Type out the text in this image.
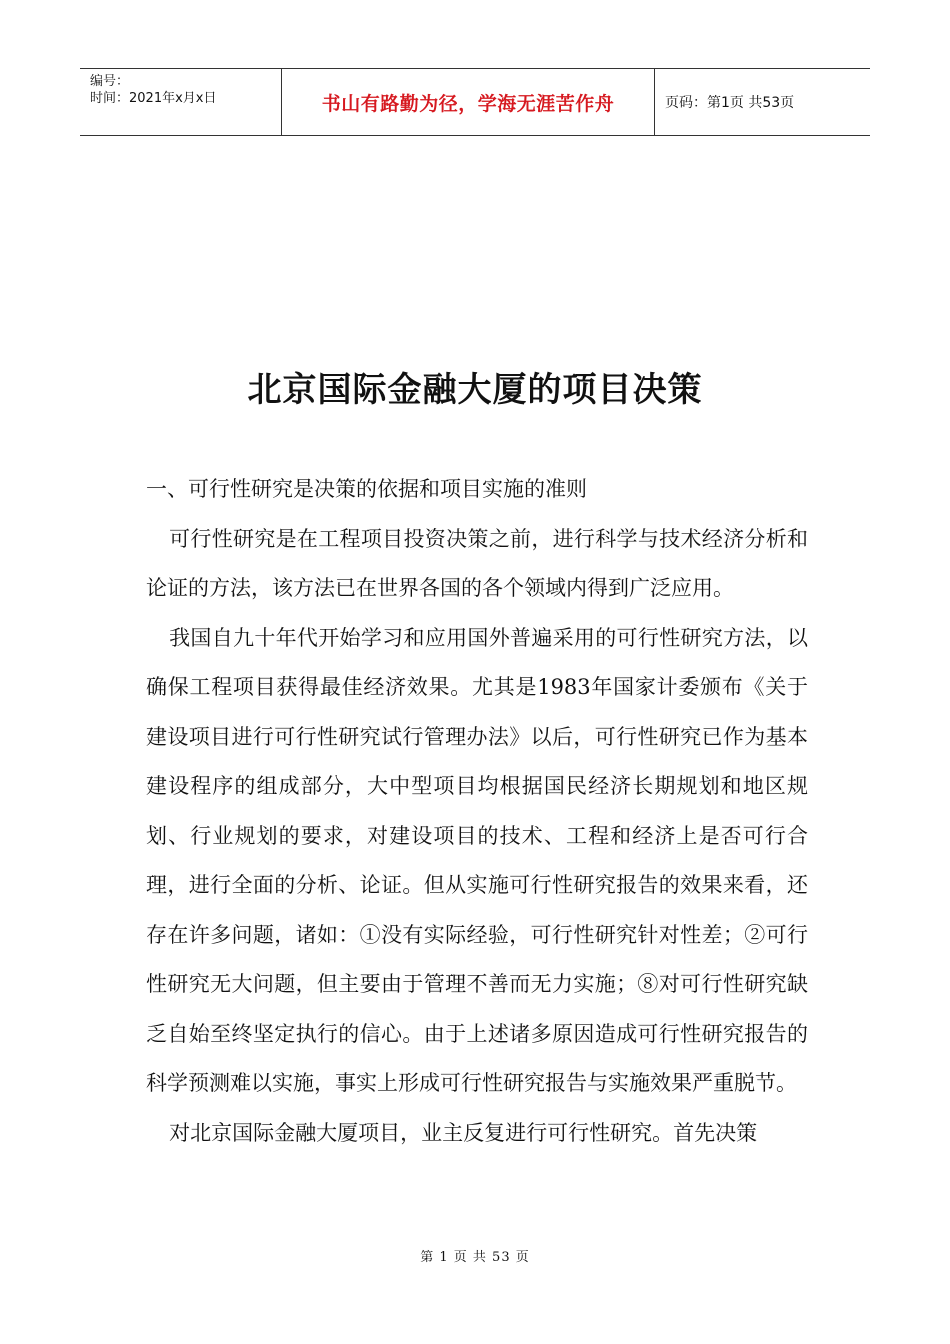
编号：
时间：2021年x月x日	书山有路勤为径，学海无涯苦作舟	页码：第1页 共53页
北京国际金融大厦的项目决策

一、可行性研究是决策的依据和项目实施的准则

可行性研究是在工程项目投资决策之前，进行科学与技术经济分析和论证的方法，该方法已在世界各国的各个领域内得到广泛应用。

我国自九十年代开始学习和应用国外普遍采用的可行性研究方法，以确保工程项目获得最佳经济效果。尤其是1983年国家计委颁布《关于建设项目进行可行性研究试行管理办法》以后，可行性研究已作为基本建设程序的组成部分，大中型项目均根据国民经济长期规划和地区规划、行业规划的要求，对建设项目的技术、工程和经济上是否可行合理，进行全面的分析、论证。但从实施可行性研究报告的效果来看，还存在许多问题，诸如：①没有实际经验，可行性研究针对性差；②可行性研究无大问题，但主要由于管理不善而无力实施；⑧对可行性研究缺乏自始至终坚定执行的信心。由于上述诸多原因造成可行性研究报告的科学预测难以实施，事实上形成可行性研究报告与实施效果严重脱节。

对北京国际金融大厦项目，业主反复进行可行性研究。首先决策

第 1 页 共 53 页
